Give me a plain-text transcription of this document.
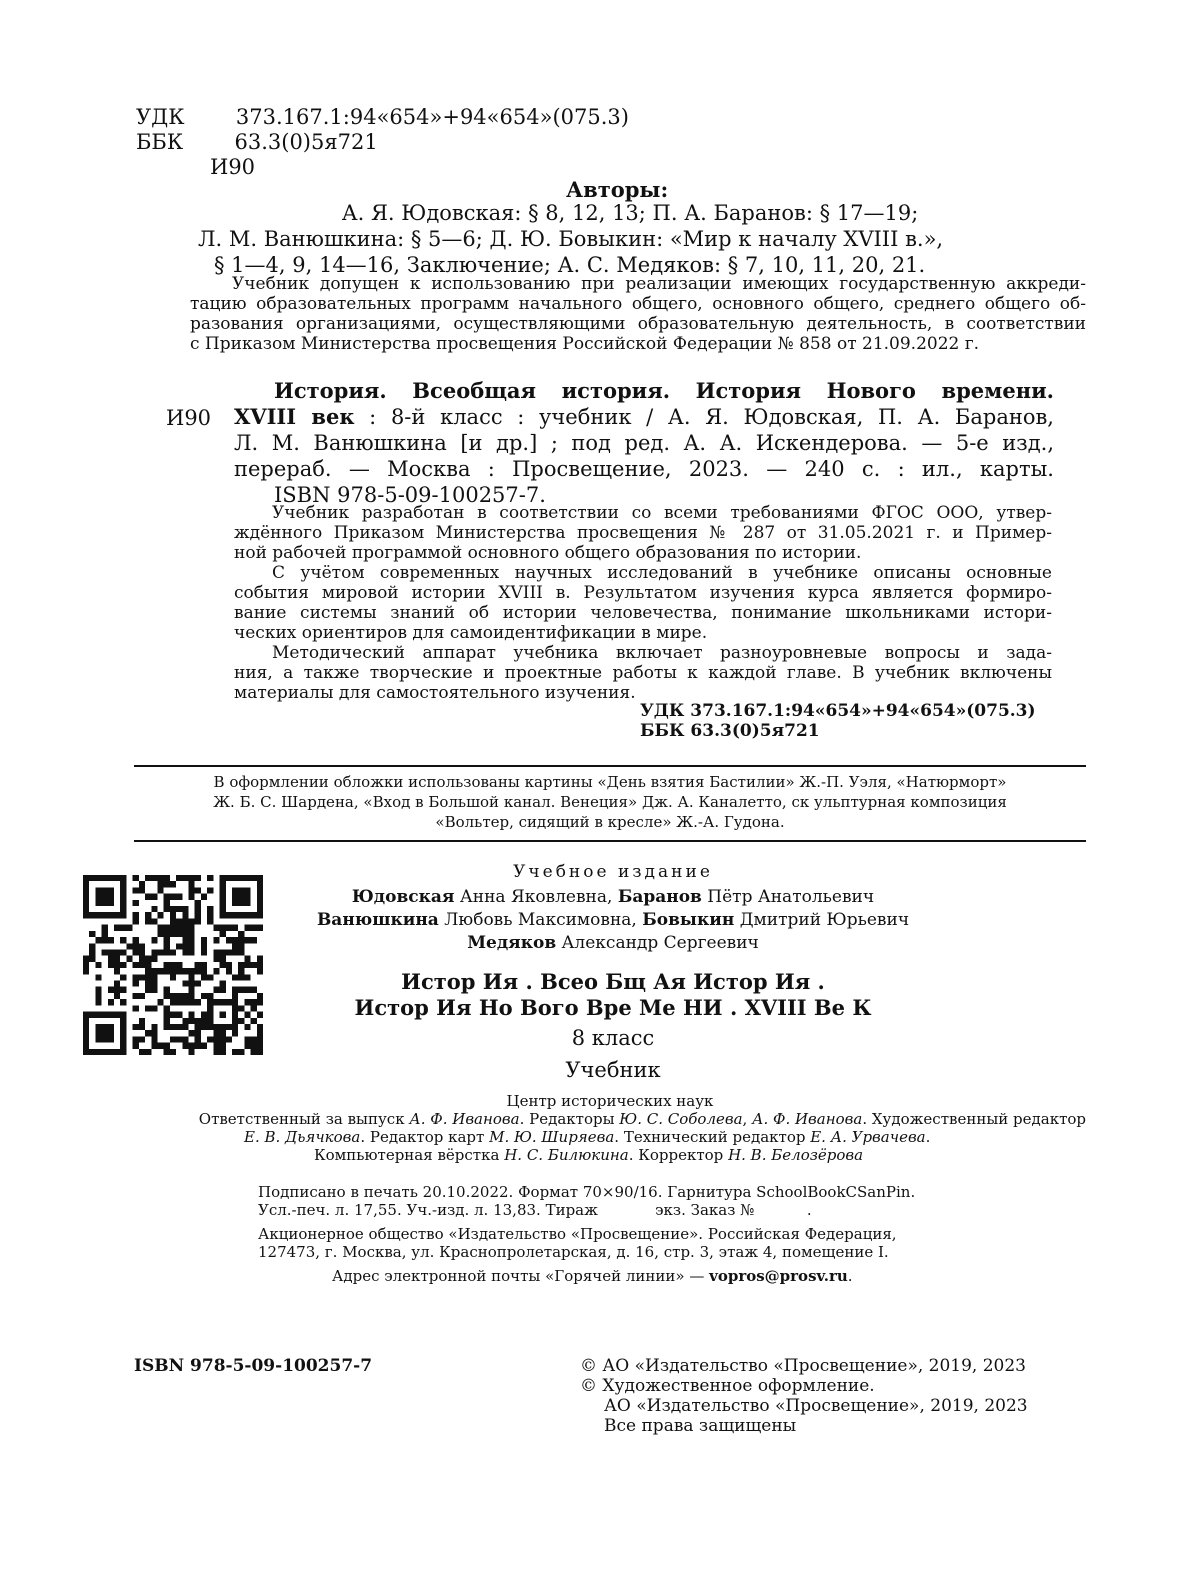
УДК 373.167.1:94«654»+94«654»(075.3)
ББК 63.3(0)5я721
И90
Авторы:
А. Я. Юдовская: § 8, 12, 13; П. А. Баранов: § 17—19;
Л. М. Ванюшкина: § 5—6; Д. Ю. Бовыкин: «Мир к началу XVIII в.»,
§ 1—4, 9, 14—16, Заключение; А. С. Медяков: § 7, 10, 11, 20, 21.
Учебник допущен к использованию при реализации имеющих государственную аккреди-
тацию образовательных программ начального общего, основного общего, среднего общего об-
разования организациями, осуществляющими образовательную деятельность, в соответствии
с Приказом Министерства просвещения Российской Федерации № 858 от 21.09.2022 г.
И90
История. Всеобщая история. История Нового времени.
XVIII век : 8-й класс : учебник / А. Я. Юдовская, П. А. Баранов,
Л. М. Ванюшкина [и др.] ; под ред. А. А. Искендерова. — 5-е изд.,
перераб. — Москва : Просвещение, 2023. — 240 с. : ил., карты.
ISBN 978-5-09-100257-7.
Учебник разработан в соответствии со всеми требованиями ФГОС ООО, утвер-
ждённого Приказом Министерства просвещения № 287 от 31.05.2021 г. и Пример-
ной рабочей программой основного общего образования по истории.
С учётом современных научных исследований в учебнике описаны основные
события мировой истории XVIII в. Результатом изучения курса является формиро-
вание системы знаний об истории человечества, понимание школьниками истори-
ческих ориентиров для самоидентификации в мире.
Методический аппарат учебника включает разноуровневые вопросы и зада-
ния, а также творческие и проектные работы к каждой главе. В учебник включены
материалы для самостоятельного изучения.
УДК 373.167.1:94«654»+94«654»(075.3)
ББК 63.3(0)5я721
В оформлении обложки использованы картины «День взятия Бастилии» Ж.-П. Уэля, «Натюрморт»
Ж. Б. С. Шардена, «Вход в Большой канал. Венеция» Дж. А. Каналетто, ск ульптурная композиция
«Вольтер, сидящий в кресле» Ж.-А. Гудона.
Учебное издание
Юдовская Анна Яковлевна, Баранов Пётр Анатольевич
Ванюшкина Любовь Максимовна, Бовыкин Дмитрий Юрьевич
Медяков Александр Сергеевич
Истор Ия . Всео Бщ Ая Истор Ия .
Истор Ия Но Вого Вре Ме НИ . XVIII Ве К
8 класс
Учебник
Центр исторических наук
Ответственный за выпуск А. Ф. Иванова. Редакторы Ю. С. Соболева, А. Ф. Иванова. Художественный редактор
Е. В. Дьячкова. Редактор карт М. Ю. Ширяева. Технический редактор Е. А. Урвачева.
Компьютерная вёрстка Н. С. Билюкина. Корректор Н. В. Белозёрова
Подписано в печать 20.10.2022. Формат 70×90/16. Гарнитура SchoolBookCSanPin.
Усл.-печ. л. 17,55. Уч.-изд. л. 13,83. Тираж            экз. Заказ №           .
Акционерное общество «Издательство «Просвещение». Российская Федерация,
127473, г. Москва, ул. Краснопролетарская, д. 16, стр. 3, этаж 4, помещение I.
Адрес электронной почты «Горячей линии» — vopros@prosv.ru.
ISBN 978-5-09-100257-7	© АО «Издательство «Просвещение», 2019, 2023
© Художественное оформление.
АО «Издательство «Просвещение», 2019, 2023
Все права защищены
